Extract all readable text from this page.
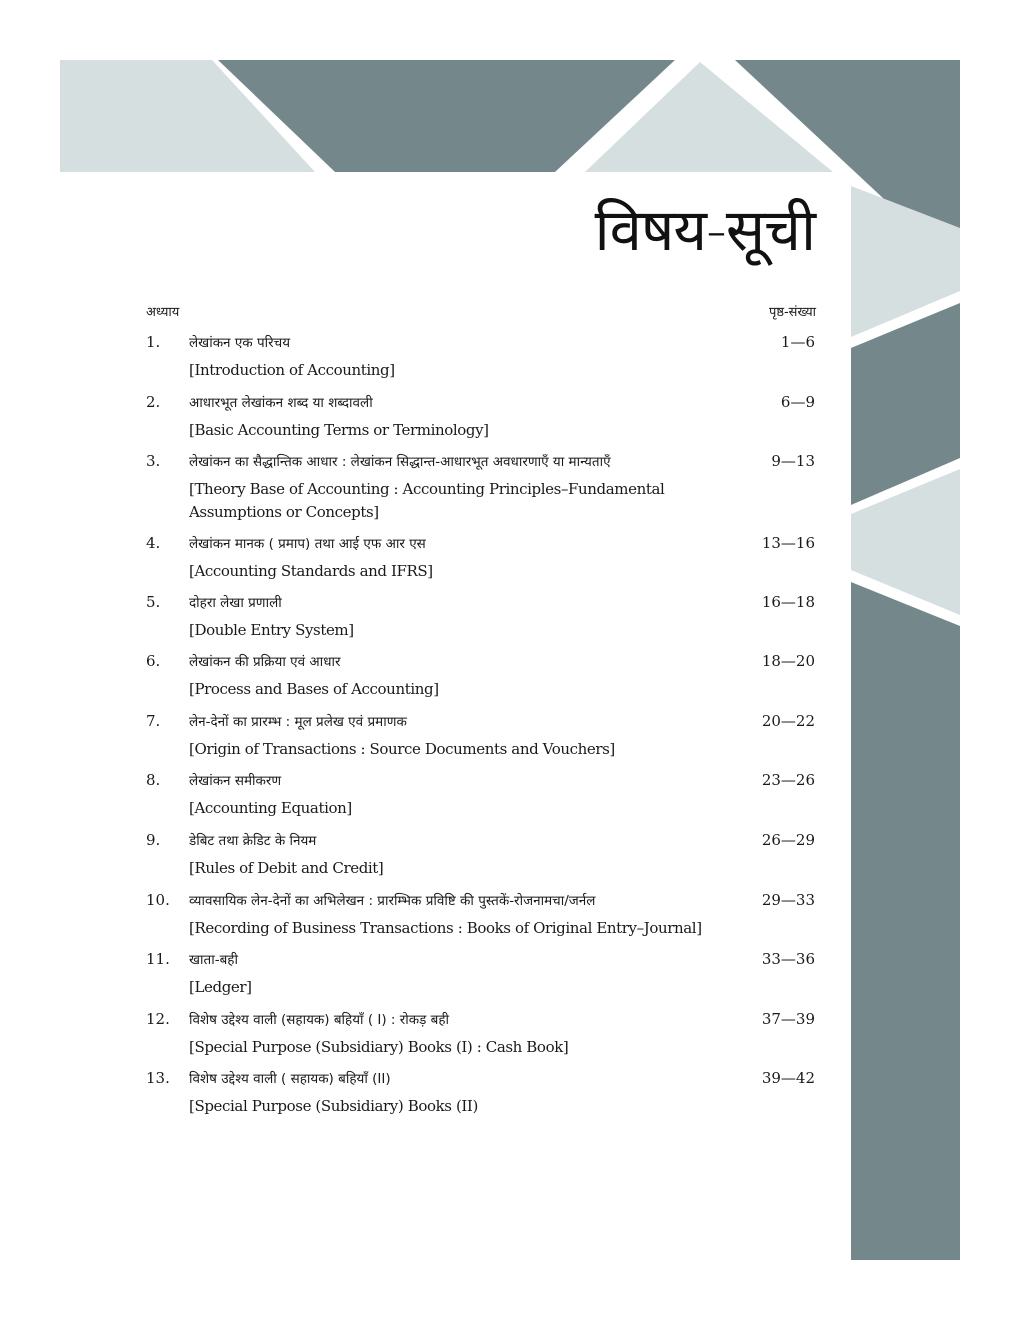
विषय-सूची
अध्याय	पृष्ठ-संख्या
1. लेखांकन एक परिचय	1—6
[Introduction of Accounting]
2. आधारभूत लेखांकन शब्द या शब्दावली	6—9
[Basic Accounting Terms or Terminology]
3. लेखांकन का सैद्धान्तिक आधार : लेखांकन सिद्धान्त-आधारभूत अवधारणाएँ या मान्यताएँ	9—13
[Theory Base of Accounting : Accounting Principles–Fundamental Assumptions or Concepts]
4. लेखांकन मानक ( प्रमाप) तथा आई एफ आर एस	13—16
[Accounting Standards and IFRS]
5. दोहरा लेखा प्रणाली	16—18
[Double Entry System]
6. लेखांकन की प्रक्रिया एवं आधार	18—20
[Process and Bases of Accounting]
7. लेन-देनों का प्रारम्भ : मूल प्रलेख एवं प्रमाणक	20—22
[Origin of Transactions : Source Documents and Vouchers]
8. लेखांकन समीकरण	23—26
[Accounting Equation]
9. डेबिट तथा क्रेडिट के नियम	26—29
[Rules of Debit and Credit]
10. व्यावसायिक लेन-देनों का अभिलेखन : प्रारम्भिक प्रविष्टि की पुस्तकें-रोजनामचा/जर्नल	29—33
[Recording of Business Transactions : Books of Original Entry–Journal]
11. खाता-बही	33—36
[Ledger]
12. विशेष उद्देश्य वाली (सहायक) बहियाँ ( I) : रोकड़ बही	37—39
[Special Purpose (Subsidiary) Books (I) : Cash Book]
13. विशेष उद्देश्य वाली ( सहायक) बहियाँ (II)	39—42
[Special Purpose (Subsidiary) Books (II)
